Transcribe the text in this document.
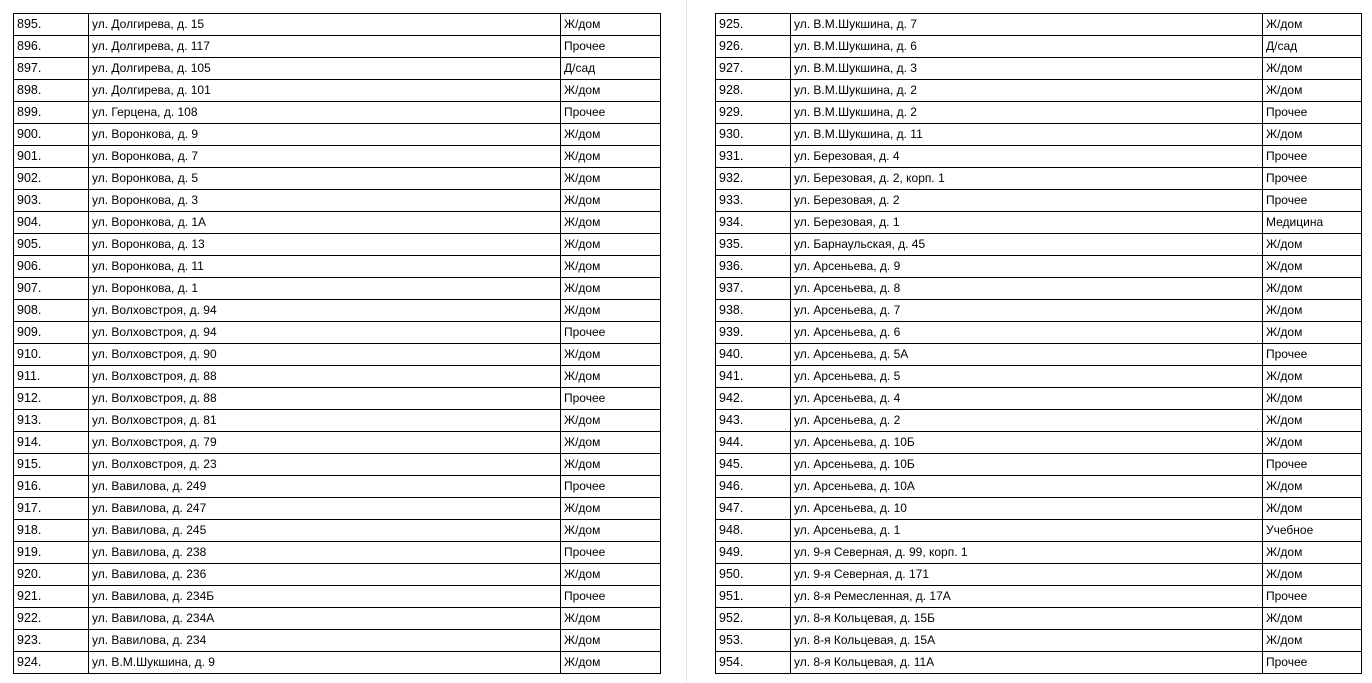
895.	ул. Долгирева, д. 15	Ж/дом
896.	ул. Долгирева, д. 117	Прочее
897.	ул. Долгирева, д. 105	Д/сад
898.	ул. Долгирева, д. 101	Ж/дом
899.	ул. Герцена, д. 108	Прочее
900.	ул. Воронкова, д. 9	Ж/дом
901.	ул. Воронкова, д. 7	Ж/дом
902.	ул. Воронкова, д. 5	Ж/дом
903.	ул. Воронкова, д. 3	Ж/дом
904.	ул. Воронкова, д. 1А	Ж/дом
905.	ул. Воронкова, д. 13	Ж/дом
906.	ул. Воронкова, д. 11	Ж/дом
907.	ул. Воронкова, д. 1	Ж/дом
908.	ул. Волховстроя, д. 94	Ж/дом
909.	ул. Волховстроя, д. 94	Прочее
910.	ул. Волховстроя, д. 90	Ж/дом
911.	ул. Волховстроя, д. 88	Ж/дом
912.	ул. Волховстроя, д. 88	Прочее
913.	ул. Волховстроя, д. 81	Ж/дом
914.	ул. Волховстроя, д. 79	Ж/дом
915.	ул. Волховстроя, д. 23	Ж/дом
916.	ул. Вавилова, д. 249	Прочее
917.	ул. Вавилова, д. 247	Ж/дом
918.	ул. Вавилова, д. 245	Ж/дом
919.	ул. Вавилова, д. 238	Прочее
920.	ул. Вавилова, д. 236	Ж/дом
921.	ул. Вавилова, д. 234Б	Прочее
922.	ул. Вавилова, д. 234А	Ж/дом
923.	ул. Вавилова, д. 234	Ж/дом
924.	ул. В.М.Шукшина, д. 9	Ж/дом
925.	ул. В.М.Шукшина, д. 7	Ж/дом
926.	ул. В.М.Шукшина, д. 6	Д/сад
927.	ул. В.М.Шукшина, д. 3	Ж/дом
928.	ул. В.М.Шукшина, д. 2	Ж/дом
929.	ул. В.М.Шукшина, д. 2	Прочее
930.	ул. В.М.Шукшина, д. 11	Ж/дом
931.	ул. Березовая, д. 4	Прочее
932.	ул. Березовая, д. 2, корп. 1	Прочее
933.	ул. Березовая, д. 2	Прочее
934.	ул. Березовая, д. 1	Медицина
935.	ул. Барнаульская, д. 45	Ж/дом
936.	ул. Арсеньева, д. 9	Ж/дом
937.	ул. Арсеньева, д. 8	Ж/дом
938.	ул. Арсеньева, д. 7	Ж/дом
939.	ул. Арсеньева, д. 6	Ж/дом
940.	ул. Арсеньева, д. 5А	Прочее
941.	ул. Арсеньева, д. 5	Ж/дом
942.	ул. Арсеньева, д. 4	Ж/дом
943.	ул. Арсеньева, д. 2	Ж/дом
944.	ул. Арсеньева, д. 10Б	Ж/дом
945.	ул. Арсеньева, д. 10Б	Прочее
946.	ул. Арсеньева, д. 10А	Ж/дом
947.	ул. Арсеньева, д. 10	Ж/дом
948.	ул. Арсеньева, д. 1	Учебное
949.	ул. 9-я Северная, д. 99, корп. 1	Ж/дом
950.	ул. 9-я Северная, д. 171	Ж/дом
951.	ул. 8-я Ремесленная, д. 17А	Прочее
952.	ул. 8-я Кольцевая, д. 15Б	Ж/дом
953.	ул. 8-я Кольцевая, д. 15А	Ж/дом
954.	ул. 8-я Кольцевая, д. 11А	Прочее
